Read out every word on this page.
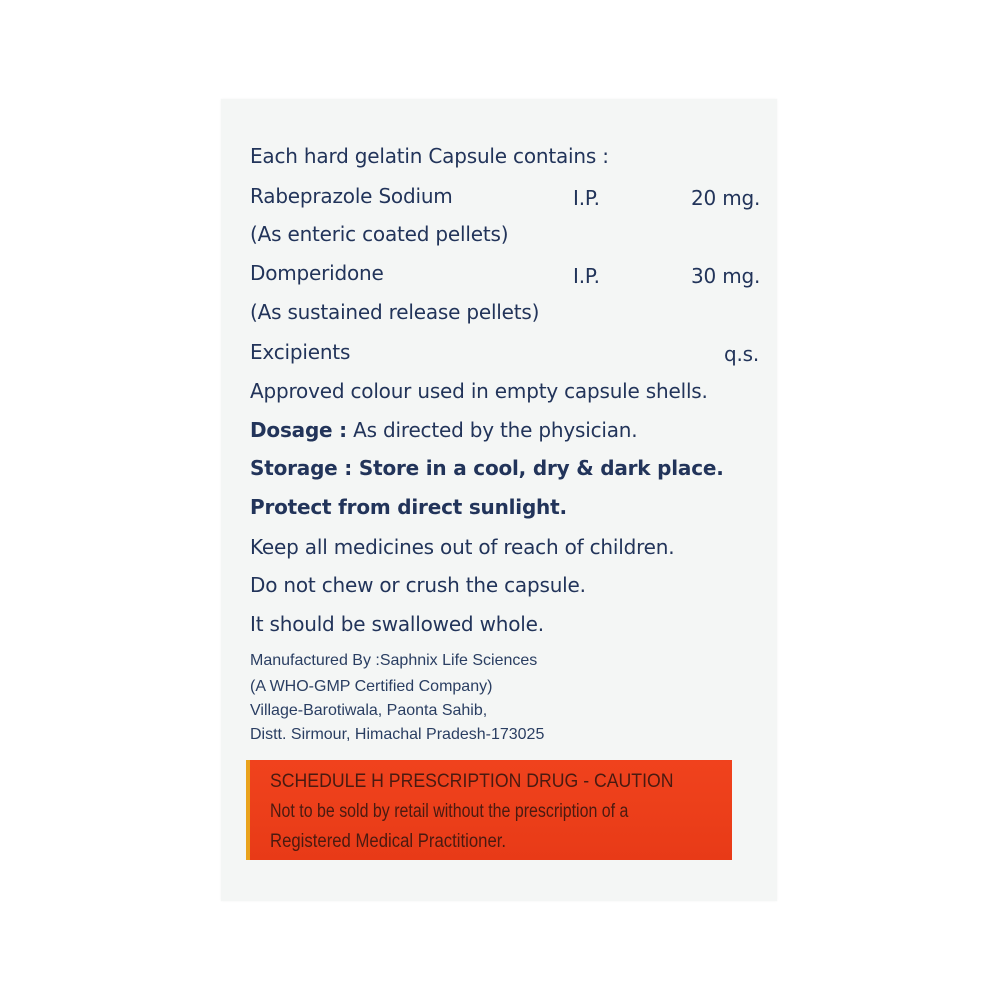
Each hard gelatin Capsule contains :
Rabeprazole Sodium	I.P.	20 mg.
(As enteric coated pellets)
Domperidone	I.P.	30 mg.
(As sustained release pellets)
Excipients	q.s.
Approved colour used in empty capsule shells.
Dosage : As directed by the physician.
Storage : Store in a cool, dry & dark place.
Protect from direct sunlight.
Keep all medicines out of reach of children.
Do not chew or crush the capsule.
It should be swallowed whole.
Manufactured By :Saphnix Life Sciences
(A WHO-GMP Certified Company)
Village-Barotiwala, Paonta Sahib,
Distt. Sirmour, Himachal Pradesh-173025
SCHEDULE H PRESCRIPTION DRUG - CAUTION
Not to be sold by retail without the prescription of a
Registered Medical Practitioner.
